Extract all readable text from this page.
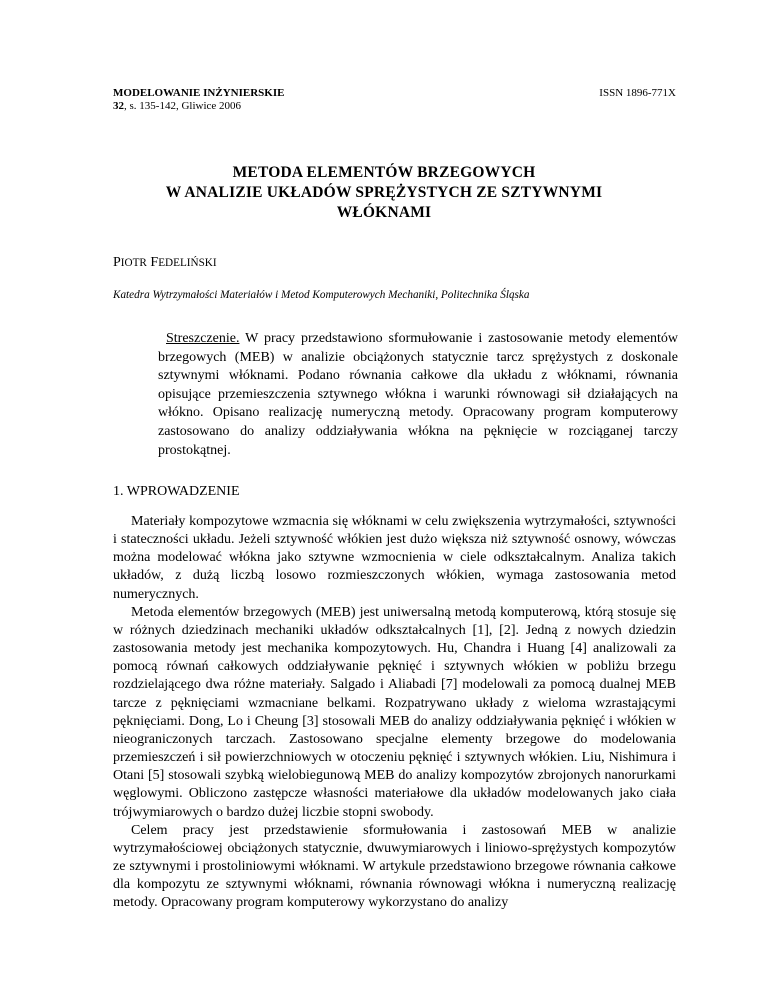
MODELOWANIE INŻYNIERSKIE
32, s. 135-142, Gliwice 2006
ISSN 1896-771X
METODA ELEMENTÓW BRZEGOWYCH
W ANALIZIE UKŁADÓW SPRĘŻYSTYCH ZE SZTYWNYMI
WŁÓKNAMI
PIOTR FEDELIŃSKI
Katedra Wytrzymałości Materiałów i Metod Komputerowych Mechaniki, Politechnika Śląska

Streszczenie. W pracy przedstawiono sformułowanie i zastosowanie metody elementów brzegowych (MEB) w analizie obciążonych statycznie tarcz sprężystych z doskonale sztywnymi włóknami. Podano równania całkowe dla układu z włóknami, równania opisujące przemieszczenia sztywnego włókna i warunki równowagi sił działających na włókno. Opisano realizację numeryczną metody. Opracowany program komputerowy zastosowano do analizy oddziaływania włókna na pęknięcie w rozciąganej tarczy prostokątnej.

1. WPROWADZENIE

Materiały kompozytowe wzmacnia się włóknami w celu zwiększenia wytrzymałości, sztywności i stateczności układu. Jeżeli sztywność włókien jest dużo większa niż sztywność osnowy, wówczas można modelować włókna jako sztywne wzmocnienia w ciele odkształcalnym. Analiza takich układów, z dużą liczbą losowo rozmieszczonych włókien, wymaga zastosowania metod numerycznych.

Metoda elementów brzegowych (MEB) jest uniwersalną metodą komputerową, którą stosuje się w różnych dziedzinach mechaniki układów odkształcalnych [1], [2]. Jedną z nowych dziedzin zastosowania metody jest mechanika kompozytowych. Hu, Chandra i Huang [4] analizowali za pomocą równań całkowych oddziaływanie pęknięć i sztywnych włókien w pobliżu brzegu rozdzielającego dwa różne materiały. Salgado i Aliabadi [7] modelowali za pomocą dualnej MEB tarcze z pęknięciami wzmacniane belkami. Rozpatrywano układy z wieloma wzrastającymi pęknięciami. Dong, Lo i Cheung [3] stosowali MEB do analizy oddziaływania pęknięć i włókien w nieograniczonych tarczach. Zastosowano specjalne elementy brzegowe do modelowania przemieszczeń i sił powierzchniowych w otoczeniu pęknięć i sztywnych włókien. Liu, Nishimura i Otani [5] stosowali szybką wielobiegunową MEB do analizy kompozytów zbrojonych nanorurkami węglowymi. Obliczono zastępcze własności materiałowe dla układów modelowanych jako ciała trójwymiarowych o bardzo dużej liczbie stopni swobody.

Celem pracy jest przedstawienie sformułowania i zastosowań MEB w analizie wytrzymałościowej obciążonych statycznie, dwuwymiarowych i liniowo-sprężystych kompozytów ze sztywnymi i prostoliniowymi włóknami. W artykule przedstawiono brzegowe równania całkowe dla kompozytu ze sztywnymi włóknami, równania równowagi włókna i numeryczną realizację metody. Opracowany program komputerowy wykorzystano do analizy
